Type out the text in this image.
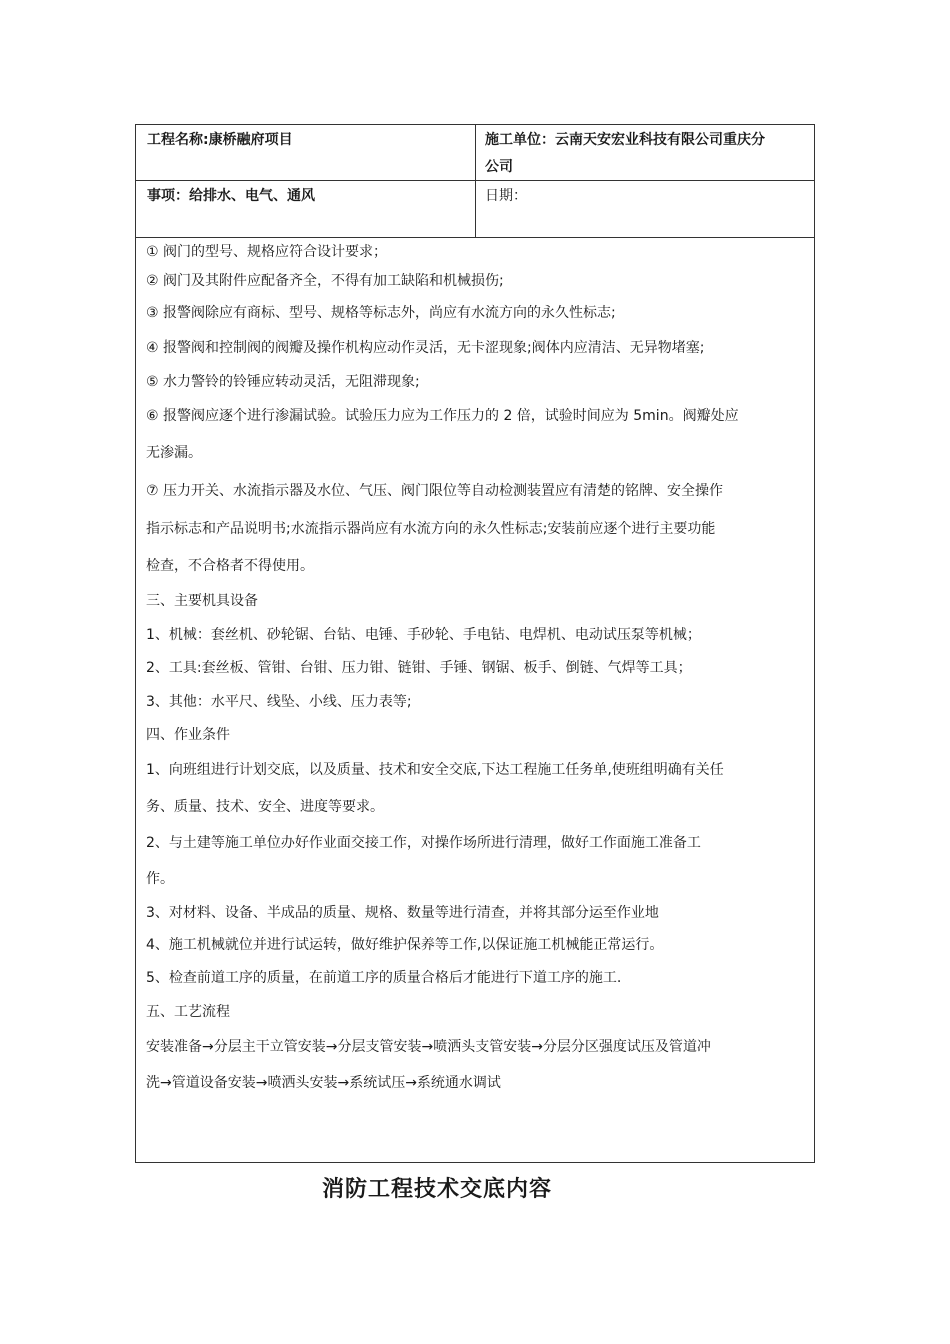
工程名称:康桥融府项目	施工单位：云南天安宏业科技有限公司重庆分
公司
事项：给排水、电气、通风	日期：

① 阀门的型号、规格应符合设计要求；

② 阀门及其附件应配备齐全，不得有加工缺陷和机械损伤;

③ 报警阀除应有商标、型号、规格等标志外，尚应有水流方向的永久性标志;

④ 报警阀和控制阀的阀瓣及操作机构应动作灵活，无卡涩现象;阀体内应清洁、无异物堵塞;

⑤ 水力警铃的铃锤应转动灵活，无阻滞现象;

⑥ 报警阀应逐个进行渗漏试验。试验压力应为工作压力的 2 倍，试验时间应为 5min。阀瓣处应

无渗漏。

⑦ 压力开关、水流指示器及水位、气压、阀门限位等自动检测装置应有清楚的铭牌、安全操作

指示标志和产品说明书;水流指示器尚应有水流方向的永久性标志;安装前应逐个进行主要功能

检查，不合格者不得使用。

三、主要机具设备

1、机械：套丝机、砂轮锯、台钻、电锤、手砂轮、手电钻、电焊机、电动试压泵等机械；

2、工具:套丝板、管钳、台钳、压力钳、链钳、手锤、钢锯、板手、倒链、气焊等工具；

3、其他：水平尺、线坠、小线、压力表等;

四、作业条件

1、向班组进行计划交底，以及质量、技术和安全交底,下达工程施工任务单,使班组明确有关任

务、质量、技术、安全、进度等要求。

2、与土建等施工单位办好作业面交接工作，对操作场所进行清理，做好工作面施工准备工

作。

3、对材料、设备、半成品的质量、规格、数量等进行清查，并将其部分运至作业地

4、施工机械就位并进行试运转，做好维护保养等工作,以保证施工机械能正常运行。

5、检查前道工序的质量，在前道工序的质量合格后才能进行下道工序的施工.

五、工艺流程

安装准备→分层主干立管安装→分层支管安装→喷洒头支管安装→分层分区强度试压及管道冲

洗→管道设备安装→喷洒头安装→系统试压→系统通水调试

消防工程技术交底内容
